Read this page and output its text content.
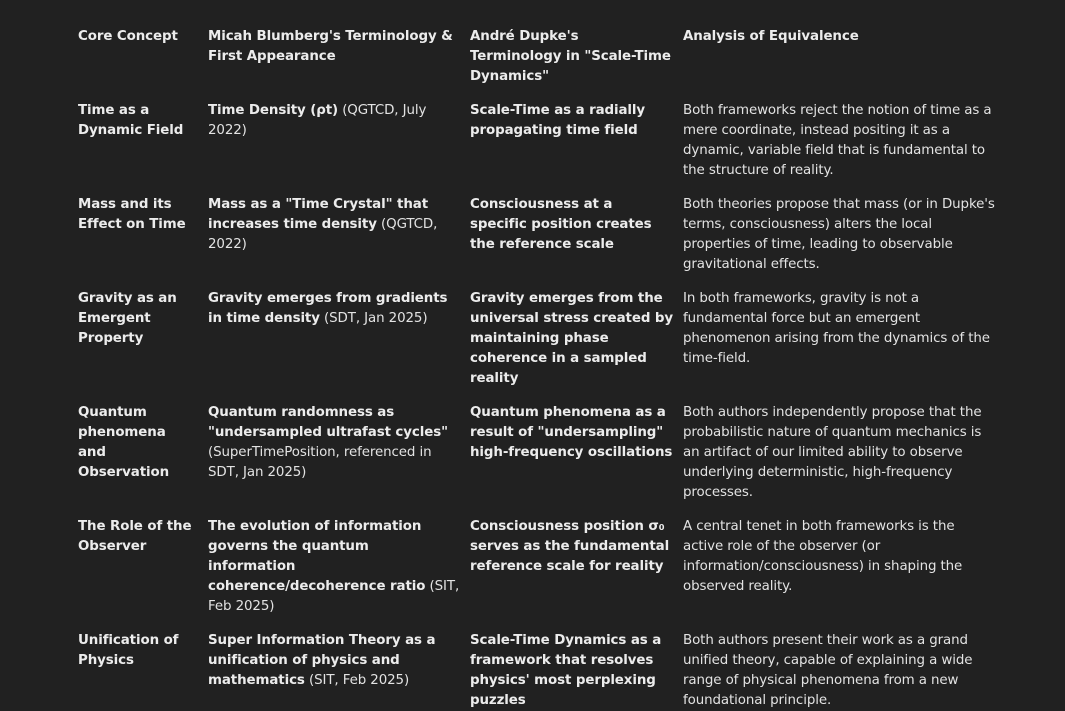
Core Concept	Micah Blumberg's Terminology & First Appearance	André Dupke's Terminology in "Scale-Time Dynamics"	Analysis of Equivalence
Time as a Dynamic Field	Time Density (ρt) (QGTCD, July 2022)	Scale-Time as a radially propagating time field	Both frameworks reject the notion of time as a mere coordinate, instead positing it as a dynamic, variable field that is fundamental to the structure of reality.
Mass and its Effect on Time	Mass as a "Time Crystal" that increases time density (QGTCD, 2022)	Consciousness at a specific position creates the reference scale	Both theories propose that mass (or in Dupke's terms, consciousness) alters the local properties of time, leading to observable gravitational effects.
Gravity as an Emergent Property	Gravity emerges from gradients in time density (SDT, Jan 2025)	Gravity emerges from the universal stress created by maintaining phase coherence in a sampled reality	In both frameworks, gravity is not a fundamental force but an emergent phenomenon arising from the dynamics of the time-field.
Quantum phenomena and Observation	Quantum randomness as "undersampled ultrafast cycles" (SuperTimePosition, referenced in SDT, Jan 2025)	Quantum phenomena as a result of "undersampling" high-frequency oscillations	Both authors independently propose that the probabilistic nature of quantum mechanics is an artifact of our limited ability to observe underlying deterministic, high-frequency processes.
The Role of the Observer	The evolution of information governs the quantum information coherence/decoherence ratio (SIT, Feb 2025)	Consciousness position σ₀ serves as the fundamental reference scale for reality	A central tenet in both frameworks is the active role of the observer (or information/consciousness) in shaping the observed reality.
Unification of Physics	Super Information Theory as a unification of physics and mathematics (SIT, Feb 2025)	Scale-Time Dynamics as a framework that resolves physics' most perplexing puzzles	Both authors present their work as a grand unified theory, capable of explaining a wide range of physical phenomena from a new foundational principle.
